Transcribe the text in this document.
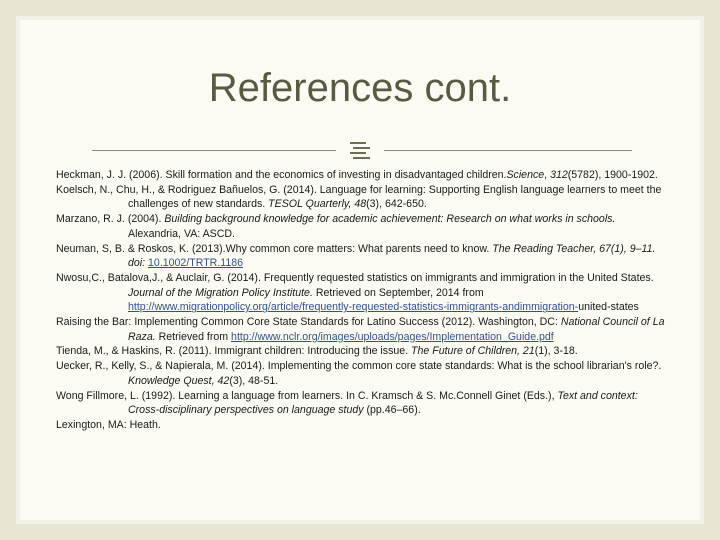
References cont.

Heckman, J. J. (2006). Skill formation and the economics of investing in disadvantaged children.Science, 312(5782), 1900-1902.

Koelsch, N., Chu, H., & Rodriguez Bañuelos, G. (2014). Language for learning: Supporting English language learners to meet the challenges of new standards. TESOL Quarterly, 48(3), 642-650.

Marzano, R. J. (2004). Building background knowledge for academic achievement: Research on what works in schools. Alexandria, VA: ASCD.

Neuman, S, B. & Roskos, K. (2013).Why common core matters: What parents need to know. The Reading Teacher, 67(1), 9–11. doi: 10.1002/TRTR.1186

Nwosu,C., Batalova,J., & Auclair, G. (2014). Frequently requested statistics on immigrants and immigration in the United States. Journal of the Migration Policy Institute. Retrieved on September, 2014 from http://www.migrationpolicy.org/article/frequently-requested-statistics-immigrants-andimmigration-united-states

Raising the Bar: Implementing Common Core State Standards for Latino Success (2012). Washington, DC: National Council of La Raza. Retrieved from http://www.nclr.org/images/uploads/pages/Implementation_Guide.pdf

Tienda, M., & Haskins, R. (2011). Immigrant children: Introducing the issue. The Future of Children, 21(1), 3-18.

Uecker, R., Kelly, S., & Napierala, M. (2014). Implementing the common core state standards: What is the school librarian's role?. Knowledge Quest, 42(3), 48-51.

Wong Fillmore, L. (1992). Learning a language from learners. In C. Kramsch & S. Mc.Connell Ginet (Eds.), Text and context: Cross-disciplinary perspectives on language study (pp.46–66).

Lexington, MA: Heath.
